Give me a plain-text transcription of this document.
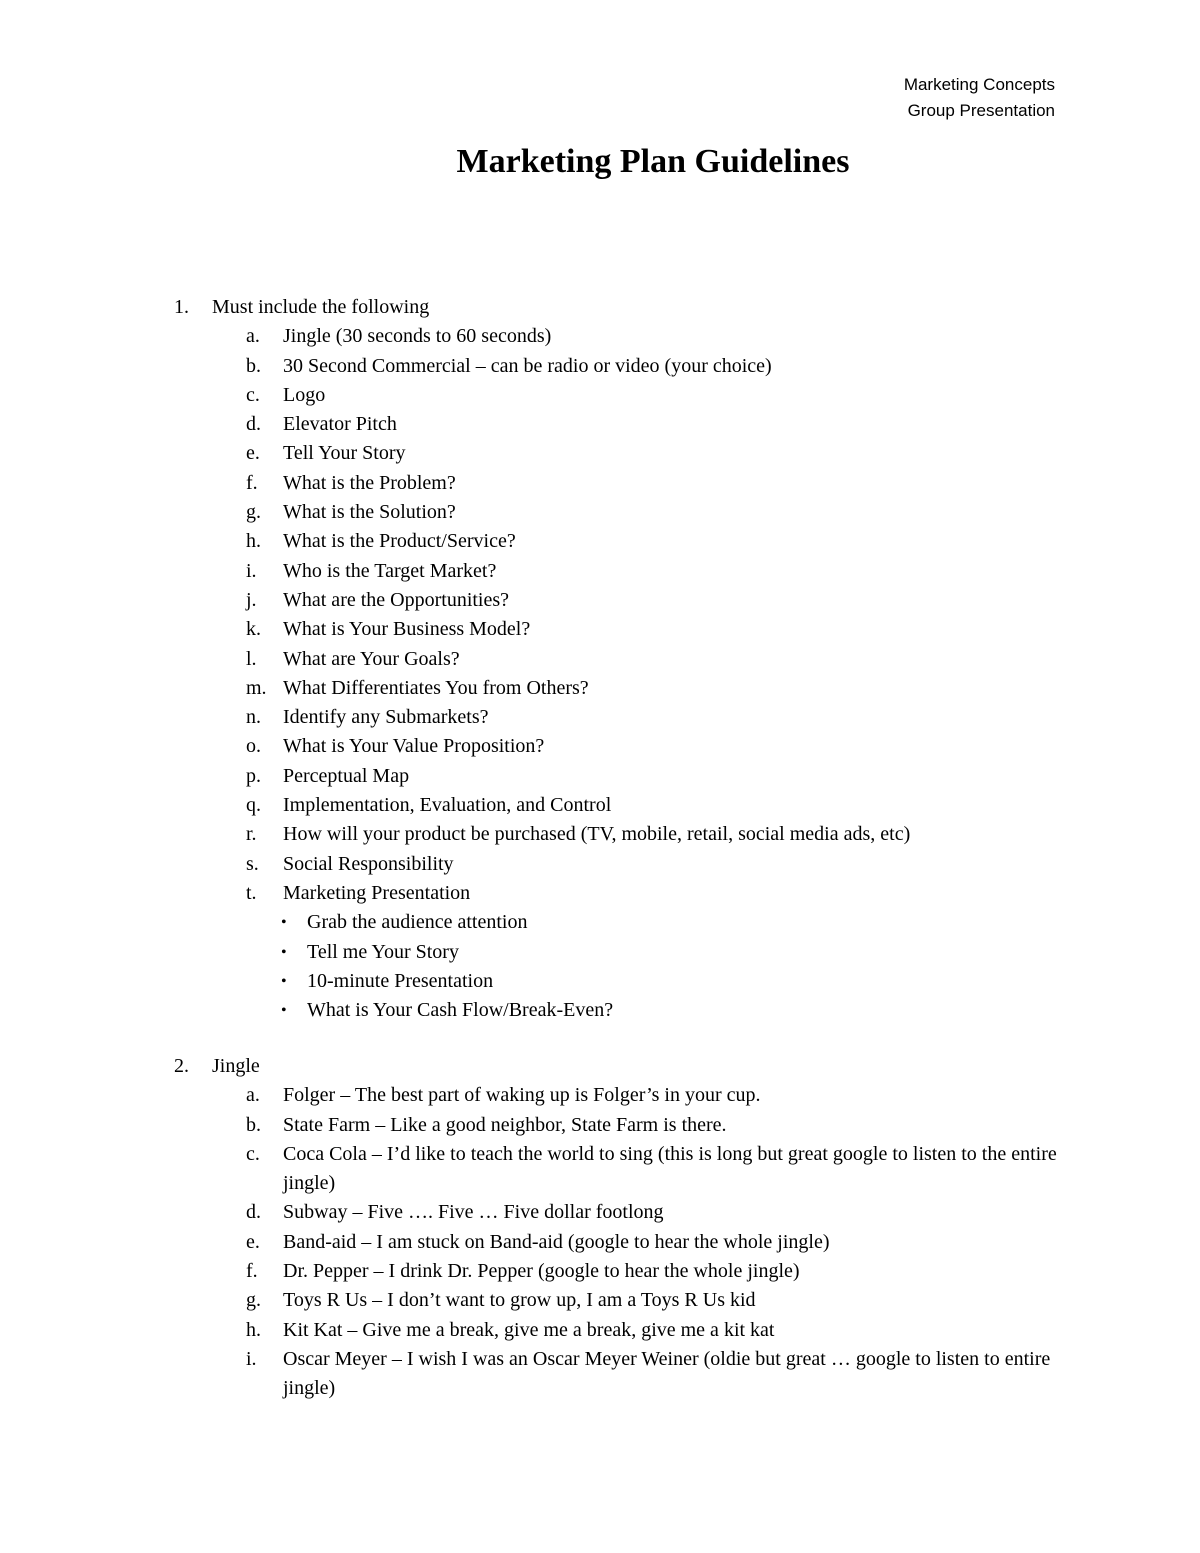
Marketing Concepts
Group Presentation
Marketing Plan Guidelines
1. Must include the following
a. Jingle (30 seconds to 60 seconds)
b. 30 Second Commercial – can be radio or video (your choice)
c. Logo
d. Elevator Pitch
e. Tell Your Story
f. What is the Problem?
g. What is the Solution?
h. What is the Product/Service?
i. Who is the Target Market?
j. What are the Opportunities?
k. What is Your Business Model?
l. What are Your Goals?
m. What Differentiates You from Others?
n. Identify any Submarkets?
o. What is Your Value Proposition?
p. Perceptual Map
q. Implementation, Evaluation, and Control
r. How will your product be purchased (TV, mobile, retail, social media ads, etc)
s. Social Responsibility
t. Marketing Presentation
• Grab the audience attention
• Tell me Your Story
• 10-minute Presentation
• What is Your Cash Flow/Break-Even?
2. Jingle
a. Folger – The best part of waking up is Folger’s in your cup.
b. State Farm – Like a good neighbor, State Farm is there.
c. Coca Cola – I’d like to teach the world to sing (this is long but great google to listen to the entire jingle)
d. Subway – Five …. Five … Five dollar footlong
e. Band-aid – I am stuck on Band-aid (google to hear the whole jingle)
f. Dr. Pepper – I drink Dr. Pepper (google to hear the whole jingle)
g. Toys R Us – I don’t want to grow up, I am a Toys R Us kid
h. Kit Kat – Give me a break, give me a break, give me a kit kat
i. Oscar Meyer – I wish I was an Oscar Meyer Weiner (oldie but great … google to listen to entire jingle)
